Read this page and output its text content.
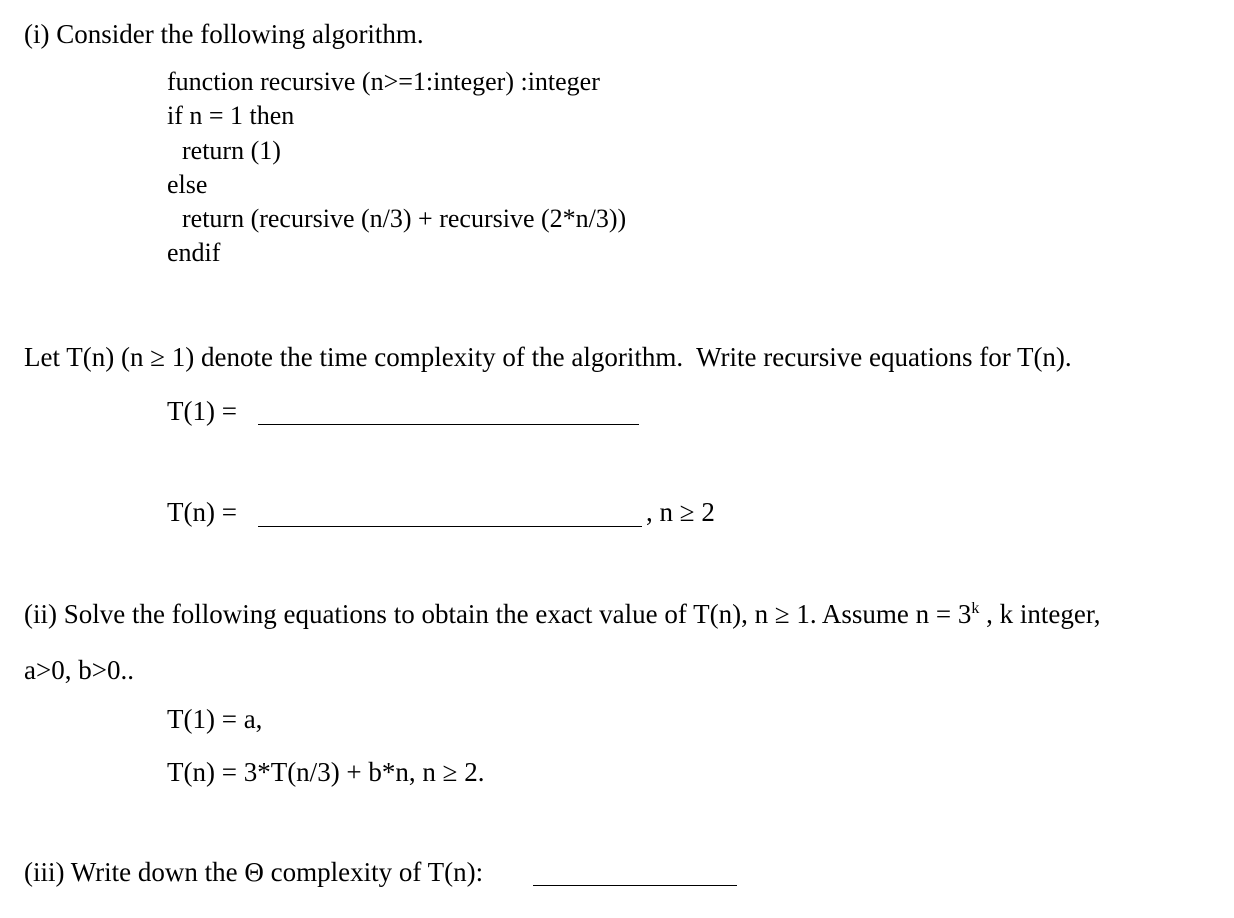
(i) Consider the following algorithm.
function recursive (n>=1:integer) :integer
if n = 1 then
return (1)
else
return (recursive (n/3) + recursive (2*n/3))
endif
Let T(n) (n ≥ 1) denote the time complexity of the algorithm.  Write recursive equations for T(n).
T(1) =
T(n) =	, n ≥ 2
(ii) Solve the following equations to obtain the exact value of T(n), n ≥ 1. Assume $n = 3^k$ , k integer,
a>0, b>0..
T(1) = a,
T(n) = 3*T(n/3) + b*n, n ≥ 2.
(iii) Write down the Θ complexity of T(n):
